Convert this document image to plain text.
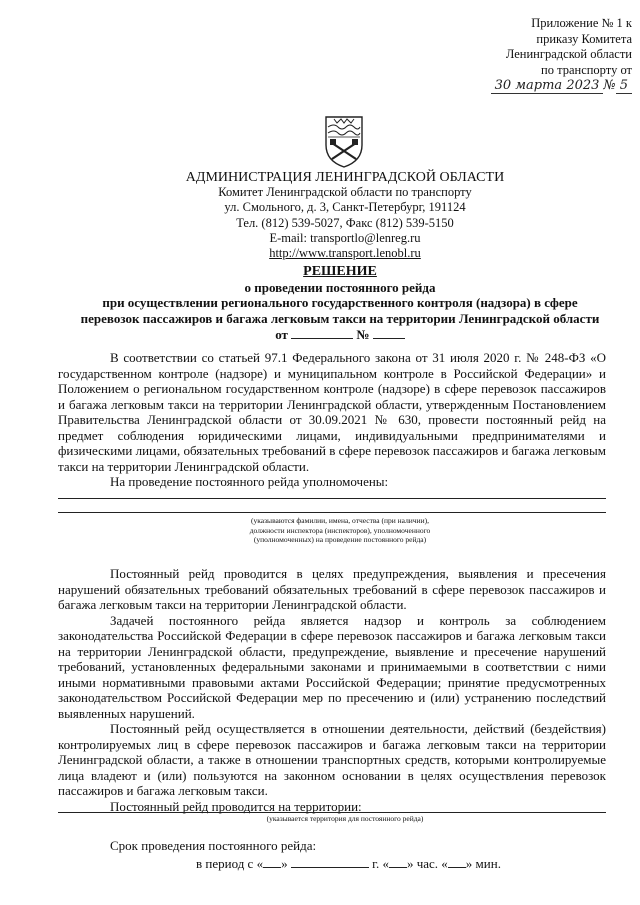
Приложение № 1 к
приказу Комитета
Ленинградской области
по транспорту от
30 марта 2023 № 5
АДМИНИСТРАЦИЯ ЛЕНИНГРАДСКОЙ ОБЛАСТИ
Комитет Ленинградской области по транспорту
ул. Смольного, д. 3, Санкт-Петербург, 191124
Тел. (812) 539-5027, Факс (812) 539-5150
E-mail: transportlo@lenreg.ru
http://www.transport.lenobl.ru
РЕШЕНИЕ
о проведении постоянного рейда
при осуществлении регионального государственного контроля (надзора) в сфере
перевозок пассажиров и багажа легковым такси на территории Ленинградской области
от	№

В соответствии со статьей 97.1 Федерального закона от 31 июля 2020 г. № 248-ФЗ «О государственном контроле (надзоре) и муниципальном контроле в Российской Федерации» и Положением о региональном государственном контроле (надзоре) в сфере перевозок пассажиров и багажа легковым такси на территории Ленинградской области, утвержденным Постановлением Правительства Ленинградской области от 30.09.2021 № 630, провести постоянный рейд на предмет соблюдения юридическими лицами, индивидуальными предпринимателями и физическими лицами, обязательных требований в сфере перевозок пассажиров и багажа легковым такси на территории Ленинградской области.

На проведение постоянного рейда уполномочены:

(указываются фамилии, имена, отчества (при наличии),
должности инспектора (инспекторов), уполномоченного
(уполномоченных) на проведение постоянного рейда)

Постоянный рейд проводится в целях предупреждения, выявления и пресечения нарушений обязательных требований обязательных требований в сфере перевозок пассажиров и багажа легковым такси на территории Ленинградской области.

Задачей постоянного рейда является надзор и контроль за соблюдением законодательства Российской Федерации в сфере перевозок пассажиров и багажа легковым такси на территории Ленинградской области, предупреждение, выявление и пресечение нарушений требований, установленных федеральными законами и принимаемыми в соответствии с ними иными нормативными правовыми актами Российской Федерации; принятие предусмотренных законодательством Российской Федерации мер по пресечению и (или) устранению последствий выявленных нарушений.

Постоянный рейд осуществляется в отношении деятельности, действий (бездействия) контролируемых лиц в сфере перевозок пассажиров и багажа легковым такси на территории Ленинградской области, а также в отношении транспортных средств, которыми контролируемые лица владеют и (или) пользуются на законном основании в целях осуществления перевозок пассажиров и багажа легковым такси.

Постоянный рейд проводится на территории:

(указывается территория для постоянного рейда)
Срок проведения постоянного рейда:
в период с « »	г. « » час. « » мин.
